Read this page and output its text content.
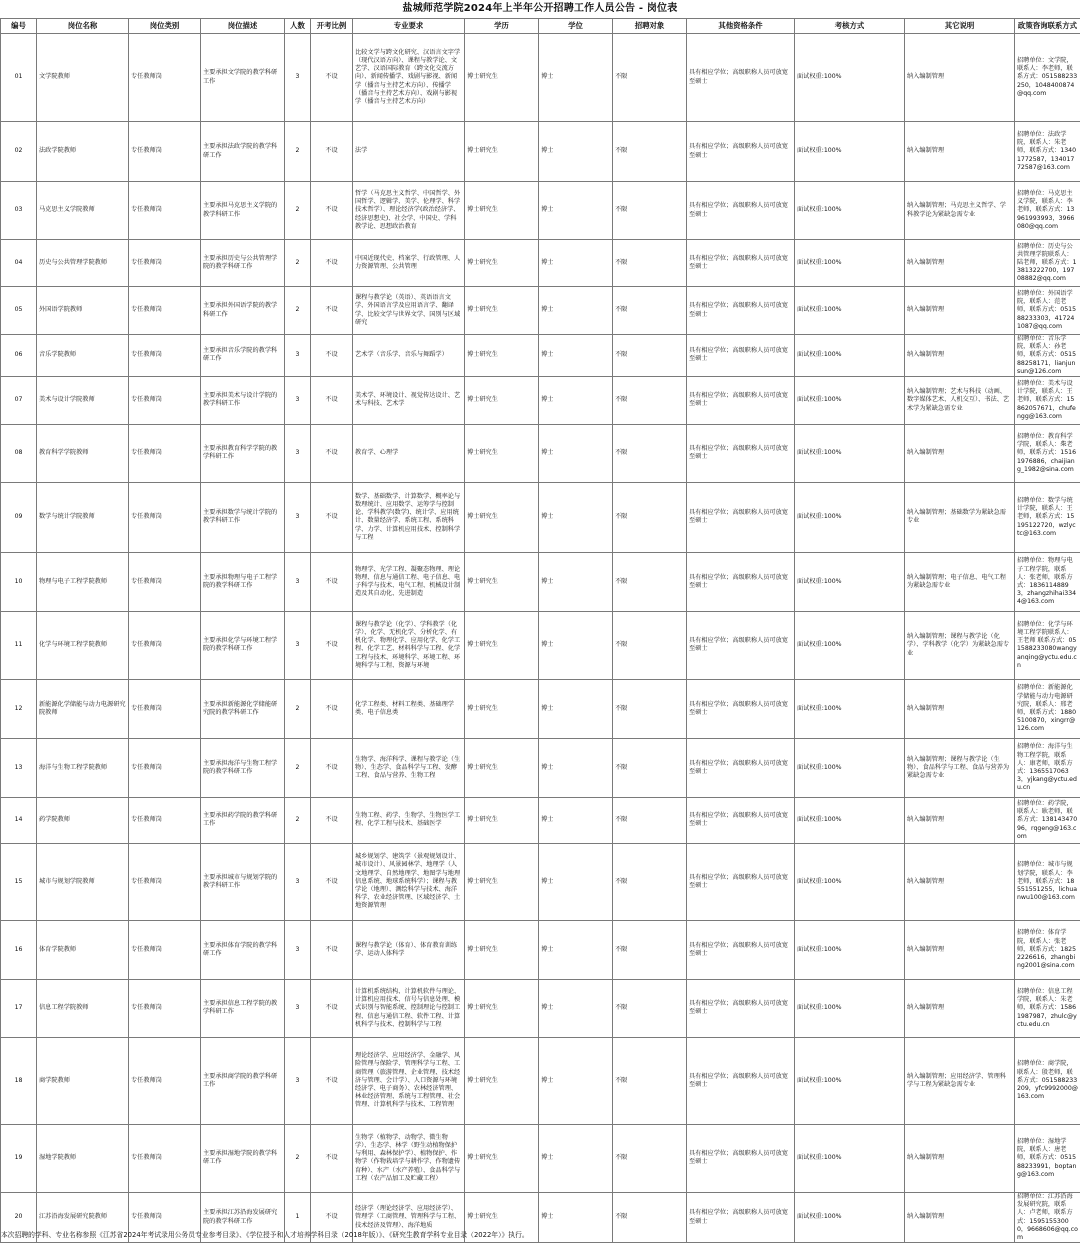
盐城师范学院2024年上半年公开招聘工作人员公告 - 岗位表
编号	岗位名称	岗位类别	岗位描述	人数	开考比例	专业要求	学历	学位	招聘对象	其他资格条件	考核方式	其它说明	政策咨询联系方式
01	文学院教师	专任教师岗	主要承担文学院的教学科研工作	3	不设	比较文学与跨文化研究、汉语言文字学（现代汉语方向）、课程与教学论、文艺学、汉语国际教育（跨文化交流方向）、新闻传播学、戏剧与影视、新闻学（播音与主持艺术方向）、传播学（播音与主持艺术方向）、戏剧与影视学（播音与主持艺术方向）	博士研究生	博士	不限	具有相应学位；高级职称人员可放宽至硕士	面试权重:100%	纳入编制管理	招聘单位：文学院，联系人：李老师，联系方式：051588233250，1048400874@qq.com
02	法政学院教师	专任教师岗	主要承担法政学院的教学科研工作	2	不设	法学	博士研究生	博士	不限	具有相应学位；高级职称人员可放宽至硕士	面试权重:100%	纳入编制管理	招聘单位：法政学院，联系人：朱老师，联系方式：13401772587，13401772587@163.com
03	马克思主义学院教师	专任教师岗	主要承担马克思主义学院的教学科研工作	2	不设	哲学（马克思主义哲学、中国哲学、外国哲学、逻辑学、美学、伦理学、科学技术哲学）、理论经济学(政治经济学、经济思想史)、社会学、中国史、学科教学论、思想政治教育	博士研究生	博士	不限	具有相应学位；高级职称人员可放宽至硕士	面试权重:100%	纳入编制管理；马克思主义哲学、学科教学论为紧缺急需专业	招聘单位：马克思主义学院，联系人：李老师，联系方式：13961993993，3966080@qq.com
04	历史与公共管理学院教师	专任教师岗	主要承担历史与公共管理学院的教学科研工作	2	不设	中国近现代史、档案学、行政管理、人力资源管理、公共管理	博士研究生	博士	不限	具有相应学位；高级职称人员可放宽至硕士	面试权重:100%	纳入编制管理	招聘单位：历史与公共管理学院联系人：陆老师，联系方式：13813222700，19708882@qq.com
05	外国语学院教师	专任教师岗	主要承担外国语学院的教学科研工作	2	不设	课程与教学论（英语）、英语语言文学、外国语言学及应用语言学、翻译学、比较文学与世界文学、国别与区域研究	博士研究生	博士	不限	具有相应学位；高级职称人员可放宽至硕士	面试权重:100%	纳入编制管理	招聘单位：外国语学院，联系人：范老师，联系方式：051588233303，417241087@qq.com
06	音乐学院教师	专任教师岗	主要承担音乐学院的教学科研工作	3	不设	艺术学（音乐学、音乐与舞蹈学）	博士研究生	博士	不限	具有相应学位；高级职称人员可放宽至硕士	面试权重:100%	纳入编制管理	招聘单位：音乐学院，联系人：孙老师，联系方式：051588258171，lianjunsun@126.com
07	美术与设计学院教师	专任教师岗	主要承担美术与设计学院的教学科研工作	3	不设	美术学、环境设计、视觉传达设计、艺术与科技、艺术学	博士研究生	博士	不限	具有相应学位；高级职称人员可放宽至硕士	面试权重:100%	纳入编制管理；艺术与科技（动画、数字媒体艺术、人机交互）、书法、艺术学为紧缺急需专业	招聘单位：美术与设计学院，联系人：王老师，联系方式：15862057671，chufengg@163.com
08	教育科学学院教师	专任教师岗	主要承担教育科学学院的教学科研工作	3	不设	教育学、心理学	博士研究生	博士	不限	具有相应学位；高级职称人员可放宽至硕士	面试权重:100%	纳入编制管理	招聘单位：教育科学学院，联系人：柴老师，联系方式：15161976886，chaijiang_1982@sina.com
09	数学与统计学院教师	专任教师岗	主要承担数学与统计学院的教学科研工作	3	不设	数学、基础数学、计算数学、概率论与数理统计、应用数学、运筹学与控制论、学科教学(数学)、统计学、应用统计、数量经济学、系统工程、系统科学、力学、计算机应用技术、控制科学与工程	博士研究生	博士	不限	具有相应学位；高级职称人员可放宽至硕士	面试权重:100%	纳入编制管理；基础数学为紧缺急需专业	招聘单位：数学与统计学院，联系人：王老师，联系方式：15195122720，wzlyctc@163.com
10	物理与电子工程学院教师	专任教师岗	主要承担物理与电子工程学院的教学科研工作	3	不设	物理学、光学工程、凝聚态物理、理论物理、信息与通信工程、电子信息、电子科学与技术、电气工程、机械设计制造及其自动化、先进制造	博士研究生	博士	不限	具有相应学位；高级职称人员可放宽至硕士	面试权重:100%	纳入编制管理；电子信息、电气工程为紧缺急需专业	招聘单位：物理与电子工程学院，联系人：张老师，联系方式：18361148893，zhangzhihai3344@163.com
11	化学与环境工程学院教师	专任教师岗	主要承担化学与环境工程学院的教学科研工作	3	不设	课程与教学论（化学）、学科教学（化学）、化学、无机化学、分析化学、有机化学、物理化学、应用化学、化学工程、化学工艺、材料科学与工程、化学工程与技术、环境科学、环境工程、环境科学与工程、资源与环境	博士研究生	博士	不限	具有相应学位；高级职称人员可放宽至硕士	面试权重:100%	纳入编制管理；课程与教学论（化学）、学科教学（化学）为紧缺急需专业	招聘单位：化学与环境工程学院联系人：王老师 联系方式：051588233080wangyanqing@yctu.edu.cn
12	新能源化学储能与动力电源研究院教师	专任教师岗	主要承担新能源化学储能研究院的教学科研工作	2	不设	化学工程类、材料工程类、基础理学类、电子信息类	博士研究生	博士	不限	具有相应学位；高级职称人员可放宽至硕士	面试权重:100%	纳入编制管理	招聘单位：新能源化学储能与动力电源研究院，联系人：邢老师，联系方式：18805100870，xingrr@126.com
13	海洋与生物工程学院教师	专任教师岗	主要承担海洋与生物工程学院的教学科研工作	2	不设	生物学、海洋科学、课程与教学论（生物）、生态学、食品科学与工程、发酵工程、食品与营养、生物工程	博士研究生	博士	不限	具有相应学位；高级职称人员可放宽至硕士	面试权重:100%	纳入编制管理；课程与教学论（生物）、食品科学与工程、食品与营养为紧缺急需专业	招聘单位：海洋与生物工程学院，联系人：康老师，联系方式：13655170633，yjkang@yctu.edu.cn
14	药学院教师	专任教师岗	主要承担药学院的教学科研工作	2	不设	生物工程、药学、生物学、生物医学工程、化学工程与技术、基础医学	博士研究生	博士	不限	具有相应学位；高级职称人员可放宽至硕士	面试权重:100%	纳入编制管理	招聘单位：药学院，联系人：耿老师，联系方式：13814347096，rqgeng@163.com
15	城市与规划学院教师	专任教师岗	主要承担城市与规划学院的教学科研工作	3	不设	城乡规划学、建筑学（景观规划设计、城市设计）、风景园林学、地理学（人文地理学、自然地理学、地图学与地理信息系统、地球系统科学）；课程与教学论（地理）、测绘科学与技术、海洋科学、农业经济管理、区域经济学、土地资源管理	博士研究生	博士	不限	具有相应学位；高级职称人员可放宽至硕士	面试权重:100%	纳入编制管理	招聘单位：城市与规划学院，联系人：李老师，联系方式：18551551255，lichuanwu100@163.com
16	体育学院教师	专任教师岗	主要承担体育学院的教学科研工作	3	不设	课程与教学论（体育）、体育教育训练学、运动人体科学	博士研究生	博士	不限	具有相应学位；高级职称人员可放宽至硕士	面试权重:100%	纳入编制管理	招聘单位：体育学院，联系人：张老师，联系方式：18252226616，zhangbing2001@sina.com
17	信息工程学院教师	专任教师岗	主要承担信息工程学院的教学科研工作	3	不设	计算机系统结构、计算机软件与理论、计算机应用技术、信号与信息处理、模式识别与智能系统、控制理论与控制工程、信息与通信工程、软件工程、计算机科学与技术、控制科学与工程	博士研究生	博士	不限	具有相应学位；高级职称人员可放宽至硕士	面试权重:100%	纳入编制管理	招聘单位：信息工程学院，联系人：朱老师，联系方式：15861987987，zhulc@yctu.edu.cn
18	商学院教师	专任教师岗	主要承担商学院的教学科研工作	3	不设	理论经济学、应用经济学、金融学、风险管理与保险学、管理科学与工程、工商管理（旅游管理、企业管理、技术经济与管理、会计学）、人口资源与环境经济学、电子商务）、农林经济管理、林业经济管理、系统与工程管理、社会管理、计算机科学与技术、工程管理	博士研究生	博士	不限	具有相应学位；高级职称人员可放宽至硕士	面试权重:100%	纳入编制管理；应用经济学、管理科学与工程为紧缺急需专业	招聘单位：商学院，联系人：殷老师，联系方式：051588233209，yfc9992000@163.com
19	湿地学院教师	专任教师岗	主要承担湿地学院的教学科研工作	2	不设	生物学（植物学、动物学、微生物学）、生态学、林学（野生动植物保护与利用、森林保护学）、植物保护、作物学（作物栽培学与耕作学、作物遗传育种）、水产（水产养殖）、食品科学与工程（农产品加工及贮藏工程）	博士研究生	博士	不限	具有相应学位；高级职称人员可放宽至硕士	面试权重:100%	纳入编制管理	招聘单位：湿地学院，联系人：唐老师，联系方式：051588233991，boptang@163.com
20	江苏沿海发展研究院教师	专任教师岗	主要承担江苏沿海发展研究院的教学科研工作	1	不设	经济学（理论经济学、应用经济学）、管理学（工商管理、管理科学与工程、技术经济及管理）、海洋地质	博士研究生	博士	不限	具有相应学位；高级职称人员可放宽至硕士	面试权重:100%	纳入编制管理	招聘单位：江苏沿海发展研究院，联系人：卢老师，联系方式：15951553000，9668606@qq.com
本次招聘的学科、专业名称参照《江苏省2024年考试录用公务员专业参考目录》、《学位授予和人才培养学科目录（2018年版）》、《研究生教育学科专业目录（2022年）》执行。
